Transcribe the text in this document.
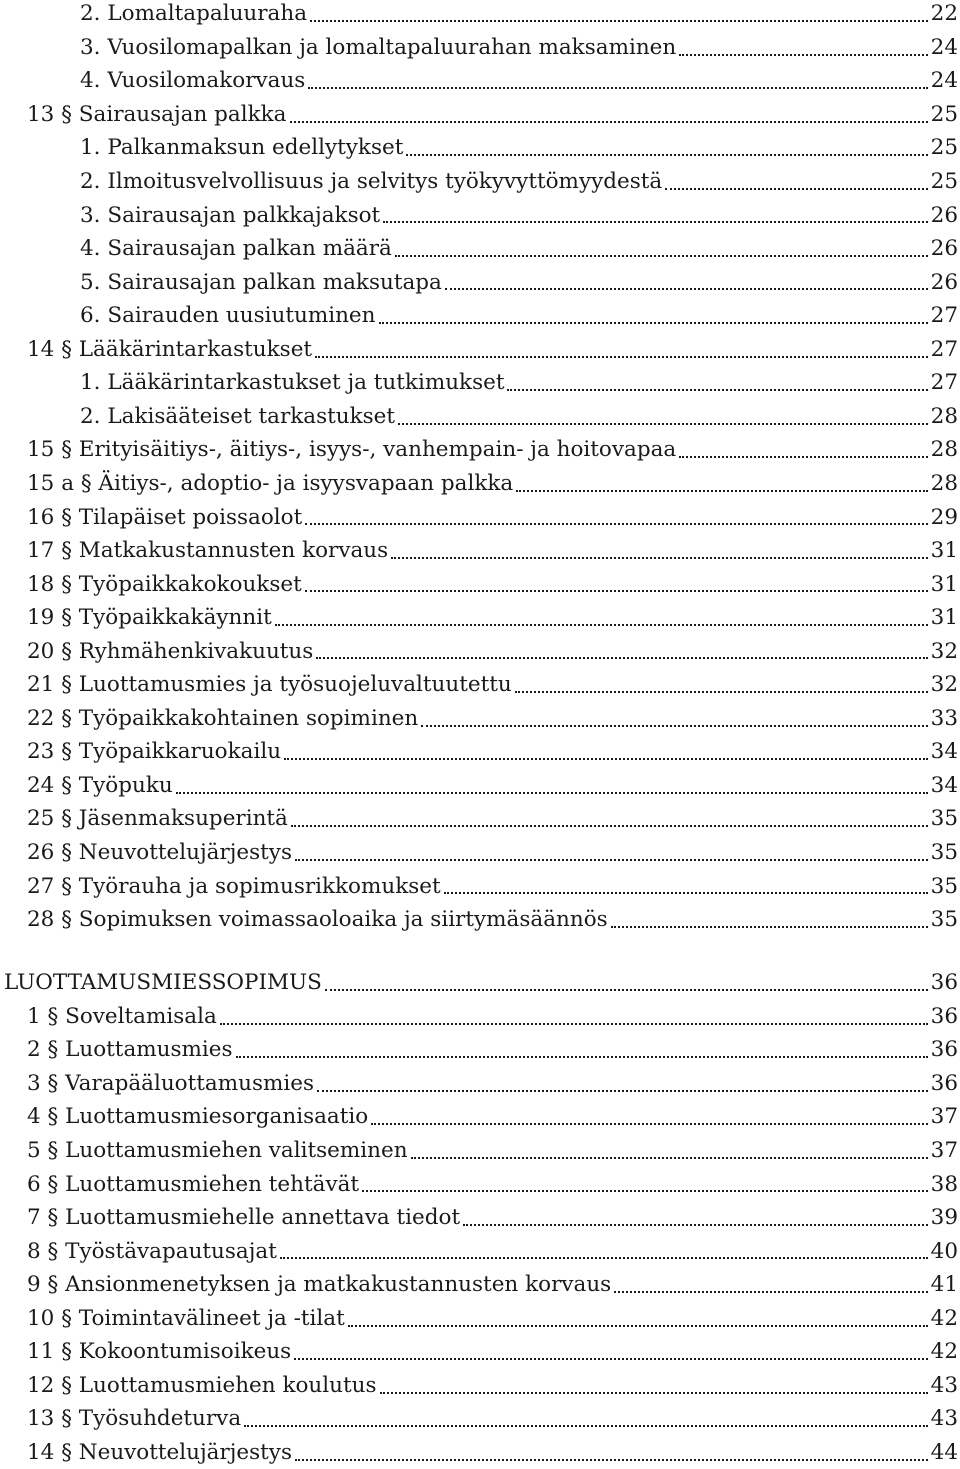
2. Lomaltapaluuraha	22
3. Vuosilomapalkan ja lomaltapaluurahan maksaminen	24
4. Vuosilomakorvaus	24
13 § Sairausajan palkka	25
1. Palkanmaksun edellytykset	25
2. Ilmoitusvelvollisuus ja selvitys työkyvyttömyydestä	25
3. Sairausajan palkkajaksot	26
4. Sairausajan palkan määrä	26
5. Sairausajan palkan maksutapa	26
6. Sairauden uusiutuminen	27
14 § Lääkärintarkastukset	27
1. Lääkärintarkastukset ja tutkimukset	27
2. Lakisääteiset tarkastukset	28
15 § Erityisäitiys-, äitiys-, isyys-, vanhempain- ja hoitovapaa	28
15 a § Äitiys-, adoptio- ja isyysvapaan palkka	28
16 § Tilapäiset poissaolot	29
17 § Matkakustannusten korvaus	31
18 § Työpaikkakokoukset	31
19 § Työpaikkakäynnit	31
20 § Ryhmähenkivakuutus	32
21 § Luottamusmies ja työsuojeluvaltuutettu	32
22 § Työpaikkakohtainen sopiminen	33
23 § Työpaikkaruokailu	34
24 § Työpuku	34
25 § Jäsenmaksuperintä	35
26 § Neuvottelujärjestys	35
27 § Työrauha ja sopimusrikkomukset	35
28 § Sopimuksen voimassaoloaika ja siirtymäsäännös	35
LUOTTAMUSMIESSOPIMUS	36
1 § Soveltamisala	36
2 § Luottamusmies	36
3 § Varapääluottamusmies	36
4 § Luottamusmiesorganisaatio	37
5 § Luottamusmiehen valitseminen	37
6 § Luottamusmiehen tehtävät	38
7 § Luottamusmiehelle annettava tiedot	39
8 § Työstävapautusajat	40
9 § Ansionmenetyksen ja matkakustannusten korvaus	41
10 § Toimintavälineet ja -tilat	42
11 § Kokoontumisoikeus	42
12 § Luottamusmiehen koulutus	43
13 § Työsuhdeturva	43
14 § Neuvottelujärjestys	44
